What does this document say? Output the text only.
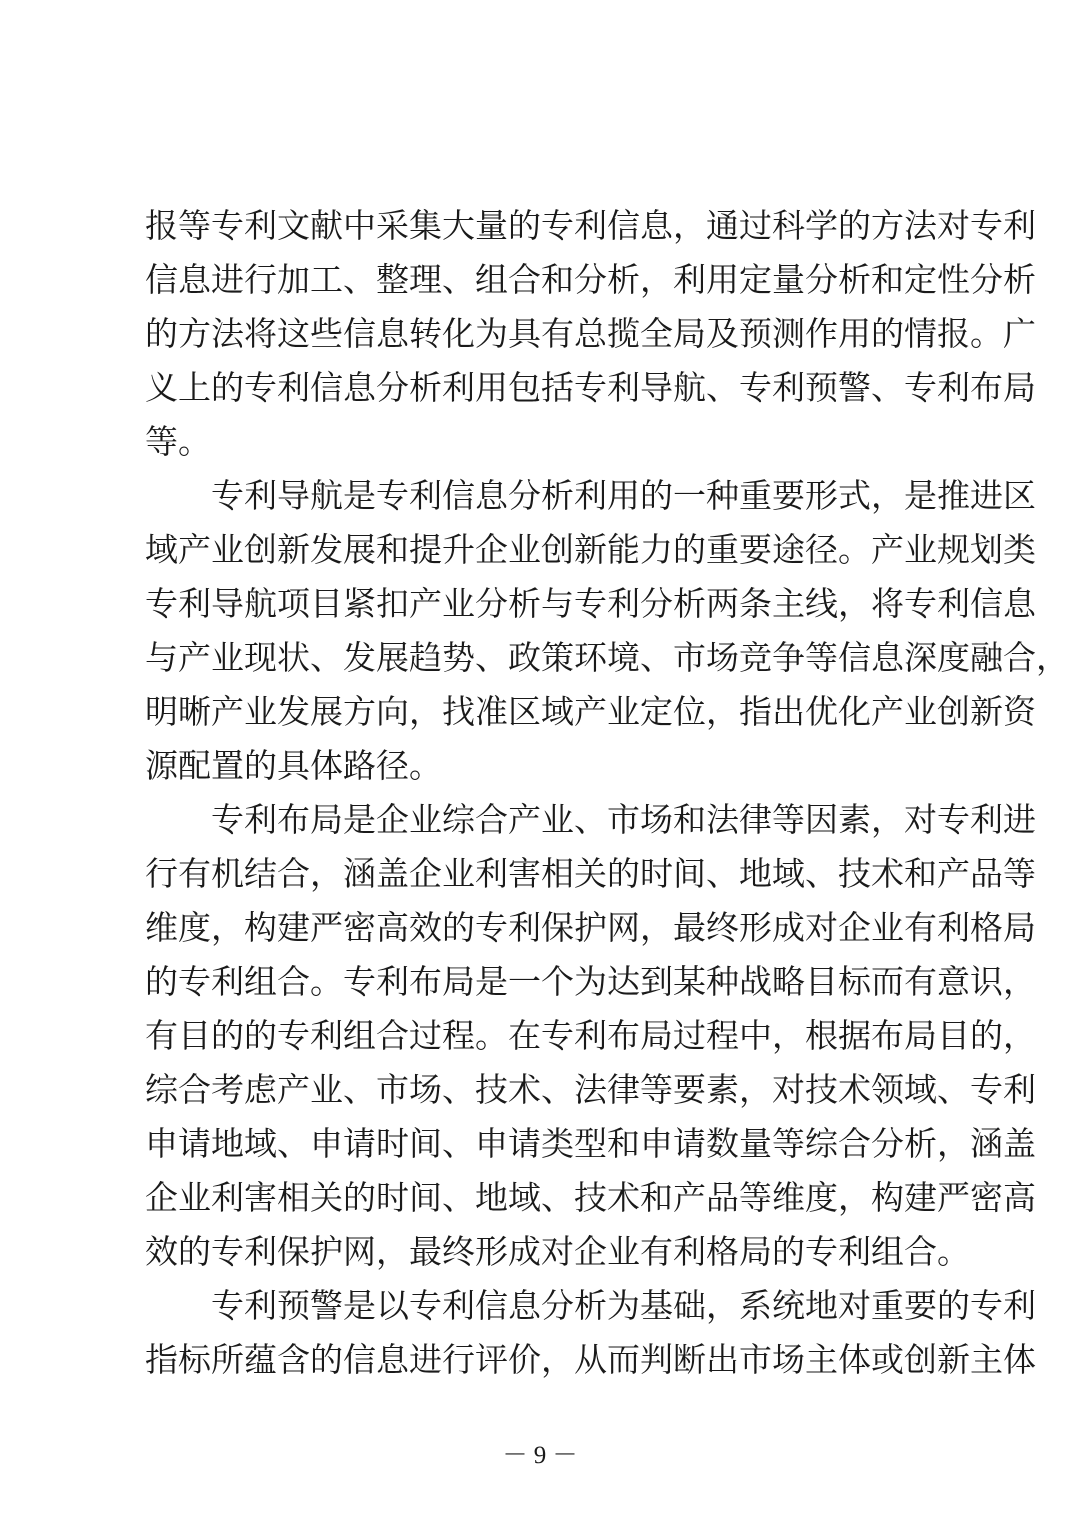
报等专利文献中采集大量的专利信息，通过科学的方法对专利
信息进行加工、整理、组合和分析，利用定量分析和定性分析
的方法将这些信息转化为具有总揽全局及预测作用的情报。广
义上的专利信息分析利用包括专利导航、专利预警、专利布局
等。
　　专利导航是专利信息分析利用的一种重要形式，是推进区
域产业创新发展和提升企业创新能力的重要途径。产业规划类
专利导航项目紧扣产业分析与专利分析两条主线，将专利信息
与产业现状、发展趋势、政策环境、市场竞争等信息深度融合，
明晰产业发展方向，找准区域产业定位，指出优化产业创新资
源配置的具体路径。
　　专利布局是企业综合产业、市场和法律等因素，对专利进
行有机结合，涵盖企业利害相关的时间、地域、技术和产品等
维度，构建严密高效的专利保护网，最终形成对企业有利格局
的专利组合。专利布局是一个为达到某种战略目标而有意识，
有目的的专利组合过程。在专利布局过程中，根据布局目的，
综合考虑产业、市场、技术、法律等要素，对技术领域、专利
申请地域、申请时间、申请类型和申请数量等综合分析，涵盖
企业利害相关的时间、地域、技术和产品等维度，构建严密高
效的专利保护网，最终形成对企业有利格局的专利组合。
　　专利预警是以专利信息分析为基础，系统地对重要的专利
指标所蕴含的信息进行评价，从而判断出市场主体或创新主体
－ 9 －
